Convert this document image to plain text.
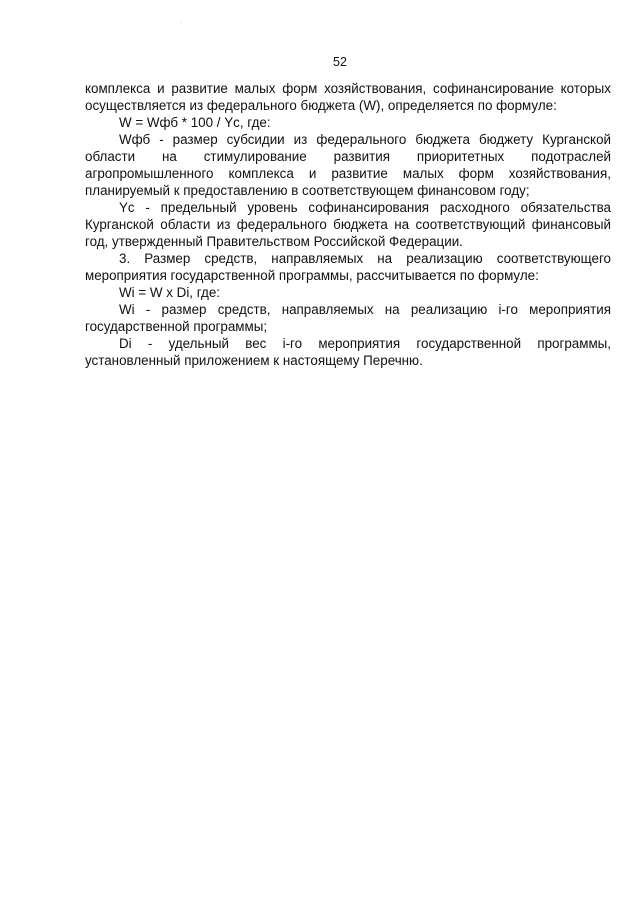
·
52

комплекса и развитие малых форм хозяйствования, софинансирование которых осуществляется из федерального бюджета (W), определяется по формуле:

W = Wфб * 100 / Yc, где:

Wфб - размер субсидии из федерального бюджета бюджету Курганской области на стимулирование развития приоритетных подотраслей агропромышленного комплекса и развитие малых форм хозяйствования, планируемый к предоставлению в соответствующем финансовом году;

Yc - предельный уровень софинансирования расходного обязательства Курганской области из федерального бюджета на соответствующий финансовый год, утвержденный Правительством Российской Федерации.

3. Размер средств, направляемых на реализацию соответствующего мероприятия государственной программы, рассчитывается по формуле:

Wi = W x Di, где:

Wi - размер средств, направляемых на реализацию i-го мероприятия государственной программы;

Di - удельный вес i-го мероприятия государственной программы, установленный приложением к настоящему Перечню.
